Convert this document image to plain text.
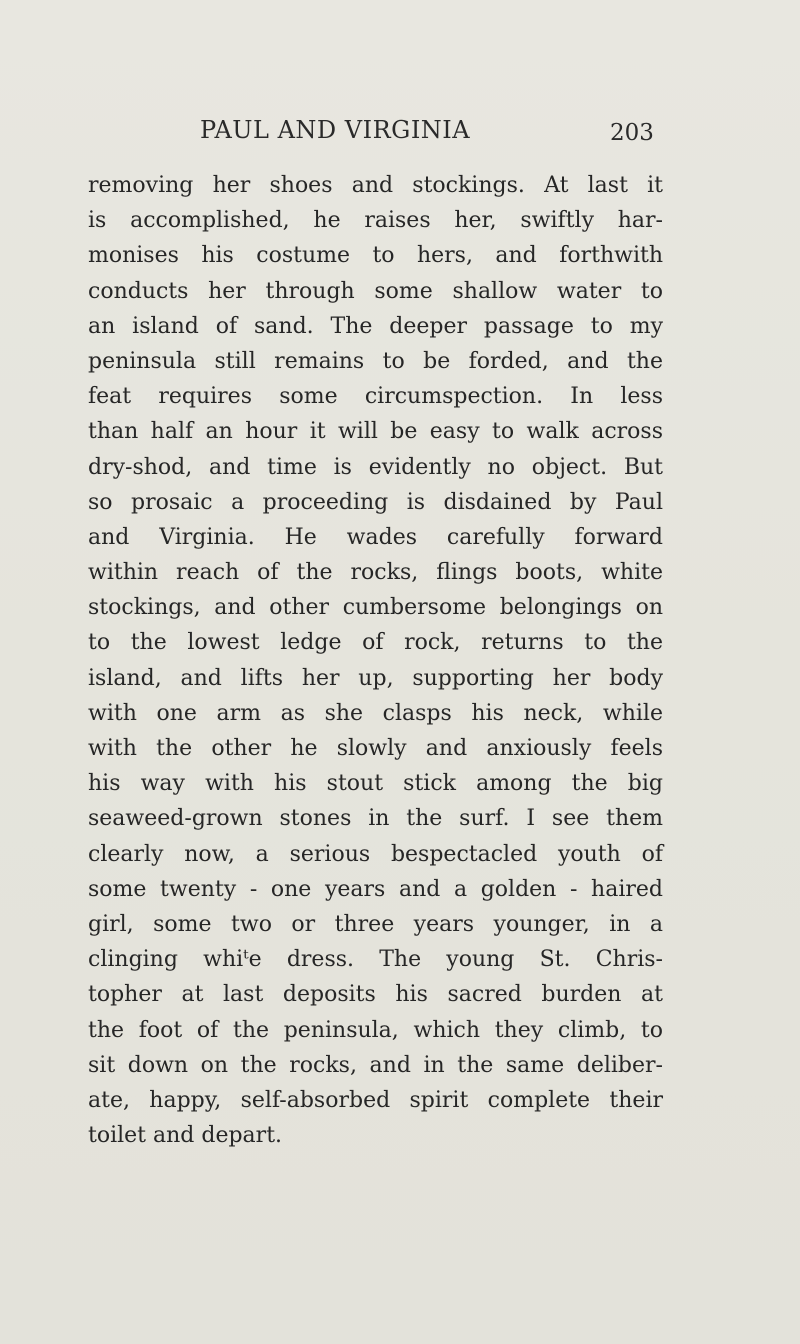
PAUL AND VIRGINIA	203
removing her shoes and stockings. At last it
is accomplished, he raises her, swiftly har-
monises his costume to hers, and forthwith
conducts her through some shallow water to
an island of sand. The deeper passage to my
peninsula still remains to be forded, and the
feat requires some circumspection. In less
than half an hour it will be easy to walk across
dry-shod, and time is evidently no object. But
so prosaic a proceeding is disdained by Paul
and Virginia. He wades carefully forward
within reach of the rocks, flings boots, white
stockings, and other cumbersome belongings on
to the lowest ledge of rock, returns to the
island, and lifts her up, supporting her body
with one arm as she clasps his neck, while
with the other he slowly and anxiously feels
his way with his stout stick among the big
seaweed-grown stones in the surf. I see them
clearly now, a serious bespectacled youth of
some twenty - one years and a golden - haired
girl, some two or three years younger, in a
clinging whiᵗe dress. The young St. Chris-
topher at last deposits his sacred burden at
the foot of the peninsula, which they climb, to
sit down on the rocks, and in the same deliber-
ate, happy, self-absorbed spirit complete their
toilet and depart.
